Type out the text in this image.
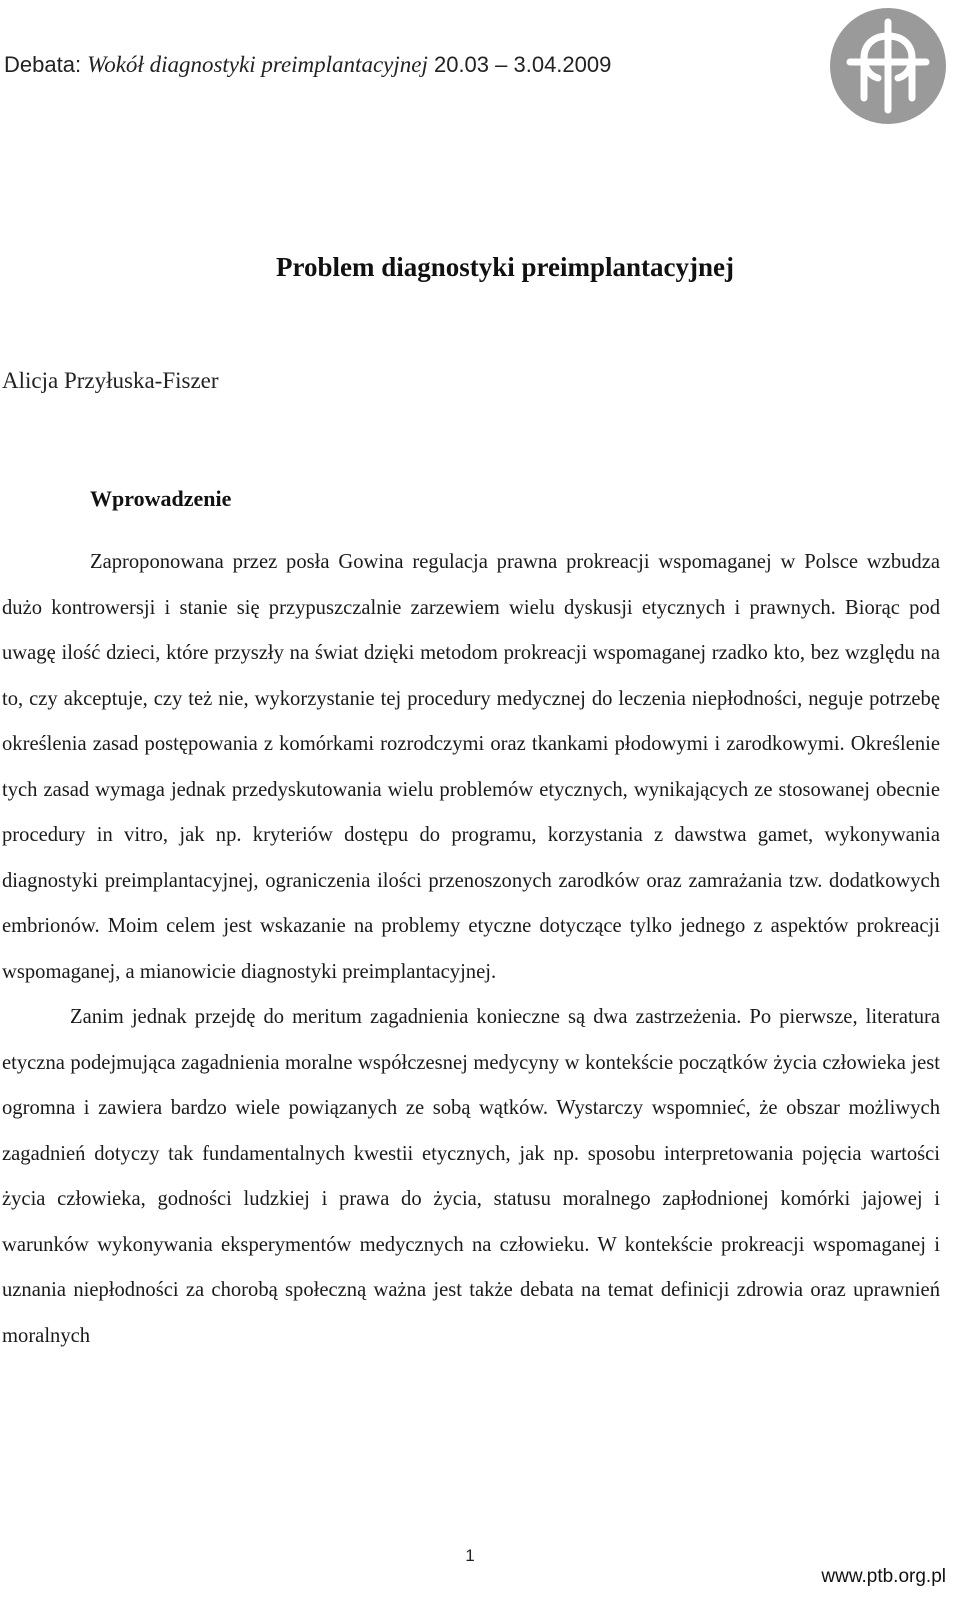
Debata: Wokół diagnostyki preimplantacyjnej 20.03 – 3.04.2009
Problem diagnostyki preimplantacyjnej
Alicja Przyłuska-Fiszer
Wprowadzenie

Zaproponowana przez posła Gowina regulacja prawna prokreacji wspomaganej w Polsce wzbudza dużo kontrowersji i stanie się przypuszczalnie zarzewiem wielu dyskusji etycznych i prawnych. Biorąc pod uwagę ilość dzieci, które przyszły na świat dzięki metodom prokreacji wspomaganej rzadko kto, bez względu na to, czy akceptuje, czy też nie, wykorzystanie tej procedury medycznej do leczenia niepłodności, neguje potrzebę określenia zasad postępowania z komórkami rozrodczymi oraz tkankami płodowymi i zarodkowymi. Określenie tych zasad wymaga jednak przedyskutowania wielu problemów etycznych, wynikających ze stosowanej obecnie procedury in vitro, jak np. kryteriów dostępu do programu, korzystania z dawstwa gamet, wykonywania diagnostyki preimplantacyjnej, ograniczenia ilości przenoszonych zarodków oraz zamrażania tzw. dodatkowych embrionów. Moim celem jest wskazanie na problemy etyczne dotyczące tylko jednego z aspektów prokreacji wspomaganej, a mianowicie diagnostyki preimplantacyjnej.

Zanim jednak przejdę do meritum zagadnienia konieczne są dwa zastrzeżenia. Po pierwsze, literatura etyczna podejmująca zagadnienia moralne współczesnej medycyny w kontekście początków życia człowieka jest ogromna i zawiera bardzo wiele powiązanych ze sobą wątków. Wystarczy wspomnieć, że obszar możliwych zagadnień dotyczy tak fundamentalnych kwestii etycznych, jak np. sposobu interpretowania pojęcia wartości życia człowieka, godności ludzkiej i prawa do życia, statusu moralnego zapłodnionej komórki jajowej i warunków wykonywania eksperymentów medycznych na człowieku. W kontekście prokreacji wspomaganej i uznania niepłodności za chorobą społeczną ważna jest także debata na temat definicji zdrowia oraz uprawnień moralnych

1
www.ptb.org.pl
